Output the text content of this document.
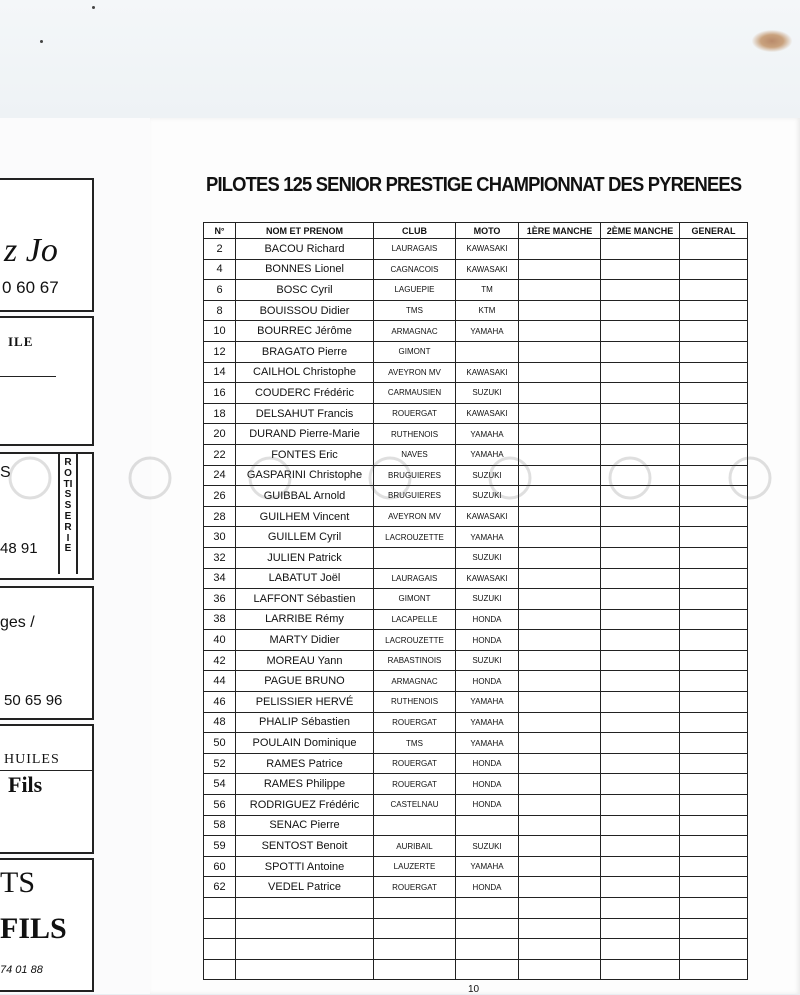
z Jo
0 60 67
ILE
S
48 91
ROTISSERIE
ges /
50 65 96
HUILES
Fils
TS
FILS
74 01 88
PILOTES 125 SENIOR PRESTIGE CHAMPIONNAT DES PYRENEES
N°	NOM ET PRENOM	CLUB	MOTO	1ÈRE MANCHE	2ÈME MANCHE	GENERAL
2	BACOU Richard	LAURAGAIS	KAWASAKI			
4	BONNES Lionel	CAGNACOIS	KAWASAKI			
6	BOSC Cyril	LAGUEPIE	TM			
8	BOUISSOU Didier	TMS	KTM			
10	BOURREC Jérôme	ARMAGNAC	YAMAHA			
12	BRAGATO Pierre	GIMONT				
14	CAILHOL Christophe	AVEYRON MV	KAWASAKI			
16	COUDERC Frédéric	CARMAUSIEN	SUZUKI			
18	DELSAHUT Francis	ROUERGAT	KAWASAKI			
20	DURAND Pierre-Marie	RUTHENOIS	YAMAHA			
22	FONTES Eric	NAVES	YAMAHA			
24	GASPARINI Christophe	BRUGUIERES	SUZUKI			
26	GUIBBAL Arnold	BRUGUIERES	SUZUKI			
28	GUILHEM Vincent	AVEYRON MV	KAWASAKI			
30	GUILLEM Cyril	LACROUZETTE	YAMAHA			
32	JULIEN Patrick		SUZUKI			
34	LABATUT Joël	LAURAGAIS	KAWASAKI			
36	LAFFONT Sébastien	GIMONT	SUZUKI			
38	LARRIBE Rémy	LACAPELLE	HONDA			
40	MARTY Didier	LACROUZETTE	HONDA			
42	MOREAU Yann	RABASTINOIS	SUZUKI			
44	PAGUE BRUNO	ARMAGNAC	HONDA			
46	PELISSIER HERVÉ	RUTHENOIS	YAMAHA			
48	PHALIP Sébastien	ROUERGAT	YAMAHA			
50	POULAIN Dominique	TMS	YAMAHA			
52	RAMES Patrice	ROUERGAT	HONDA			
54	RAMES Philippe	ROUERGAT	HONDA			
56	RODRIGUEZ Frédéric	CASTELNAU	HONDA			
58	SENAC Pierre					
59	SENTOST Benoit	AURIBAIL	SUZUKI			
60	SPOTTI Antoine	LAUZERTE	YAMAHA			
62	VEDEL Patrice	ROUERGAT	HONDA			

10
